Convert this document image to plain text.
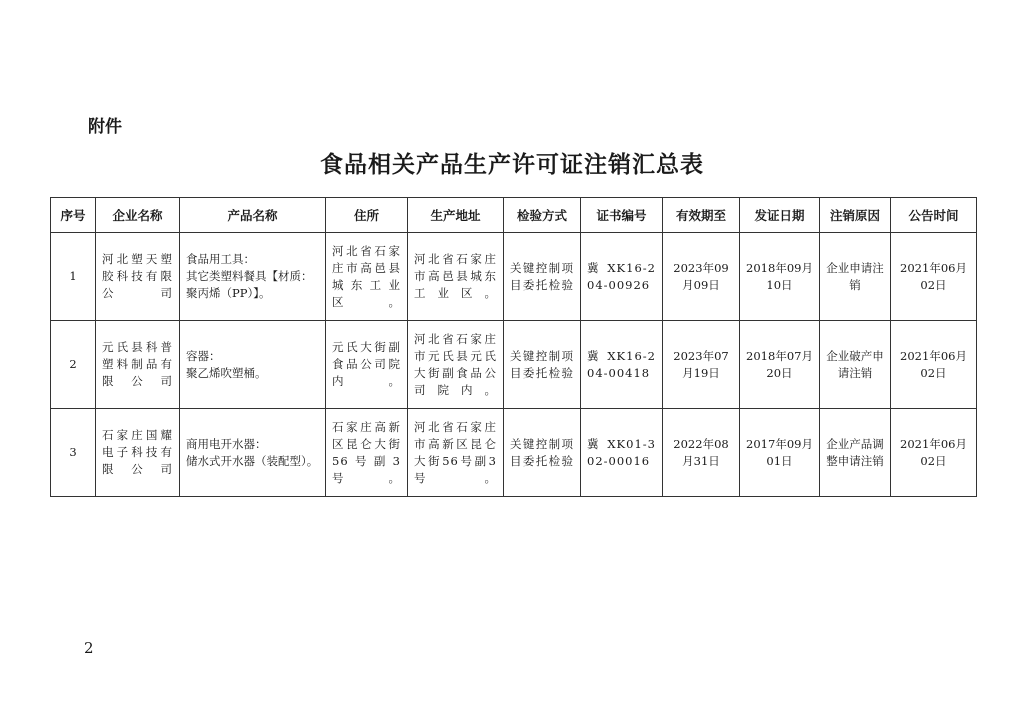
附件
食品相关产品生产许可证注销汇总表
序号	企业名称	产品名称	住所	生产地址	检验方式	证书编号	有效期至	发证日期	注销原因	公告时间
1	河北塑天塑胶科技有限公司	食品用工具：
其它类塑料餐具【材质：聚丙烯（PP）】。	河北省石家庄市高邑县城东工业区。	河北省石家庄市高邑县城东工业区。	关键控制项目委托检验	冀XK16-204-00926	2023年09月09日	2018年09月10日	企业申请注销	2021年06月02日
2	元氏县科普塑料制品有限公司	容器：
聚乙烯吹塑桶。	元氏大街副食品公司院内。	河北省石家庄市元氏县元氏大街副食品公司院内。	关键控制项目委托检验	冀XK16-204-00418	2023年07月19日	2018年07月20日	企业破产申请注销	2021年06月02日
3	石家庄国耀电子科技有限公司	商用电开水器：
储水式开水器（装配型）。	石家庄高新区昆仑大街56号副3号。	河北省石家庄市高新区昆仑大街56号副3号。	关键控制项目委托检验	冀XK01-302-00016	2022年08月31日	2017年09月01日	企业产品调整申请注销	2021年06月02日
2
